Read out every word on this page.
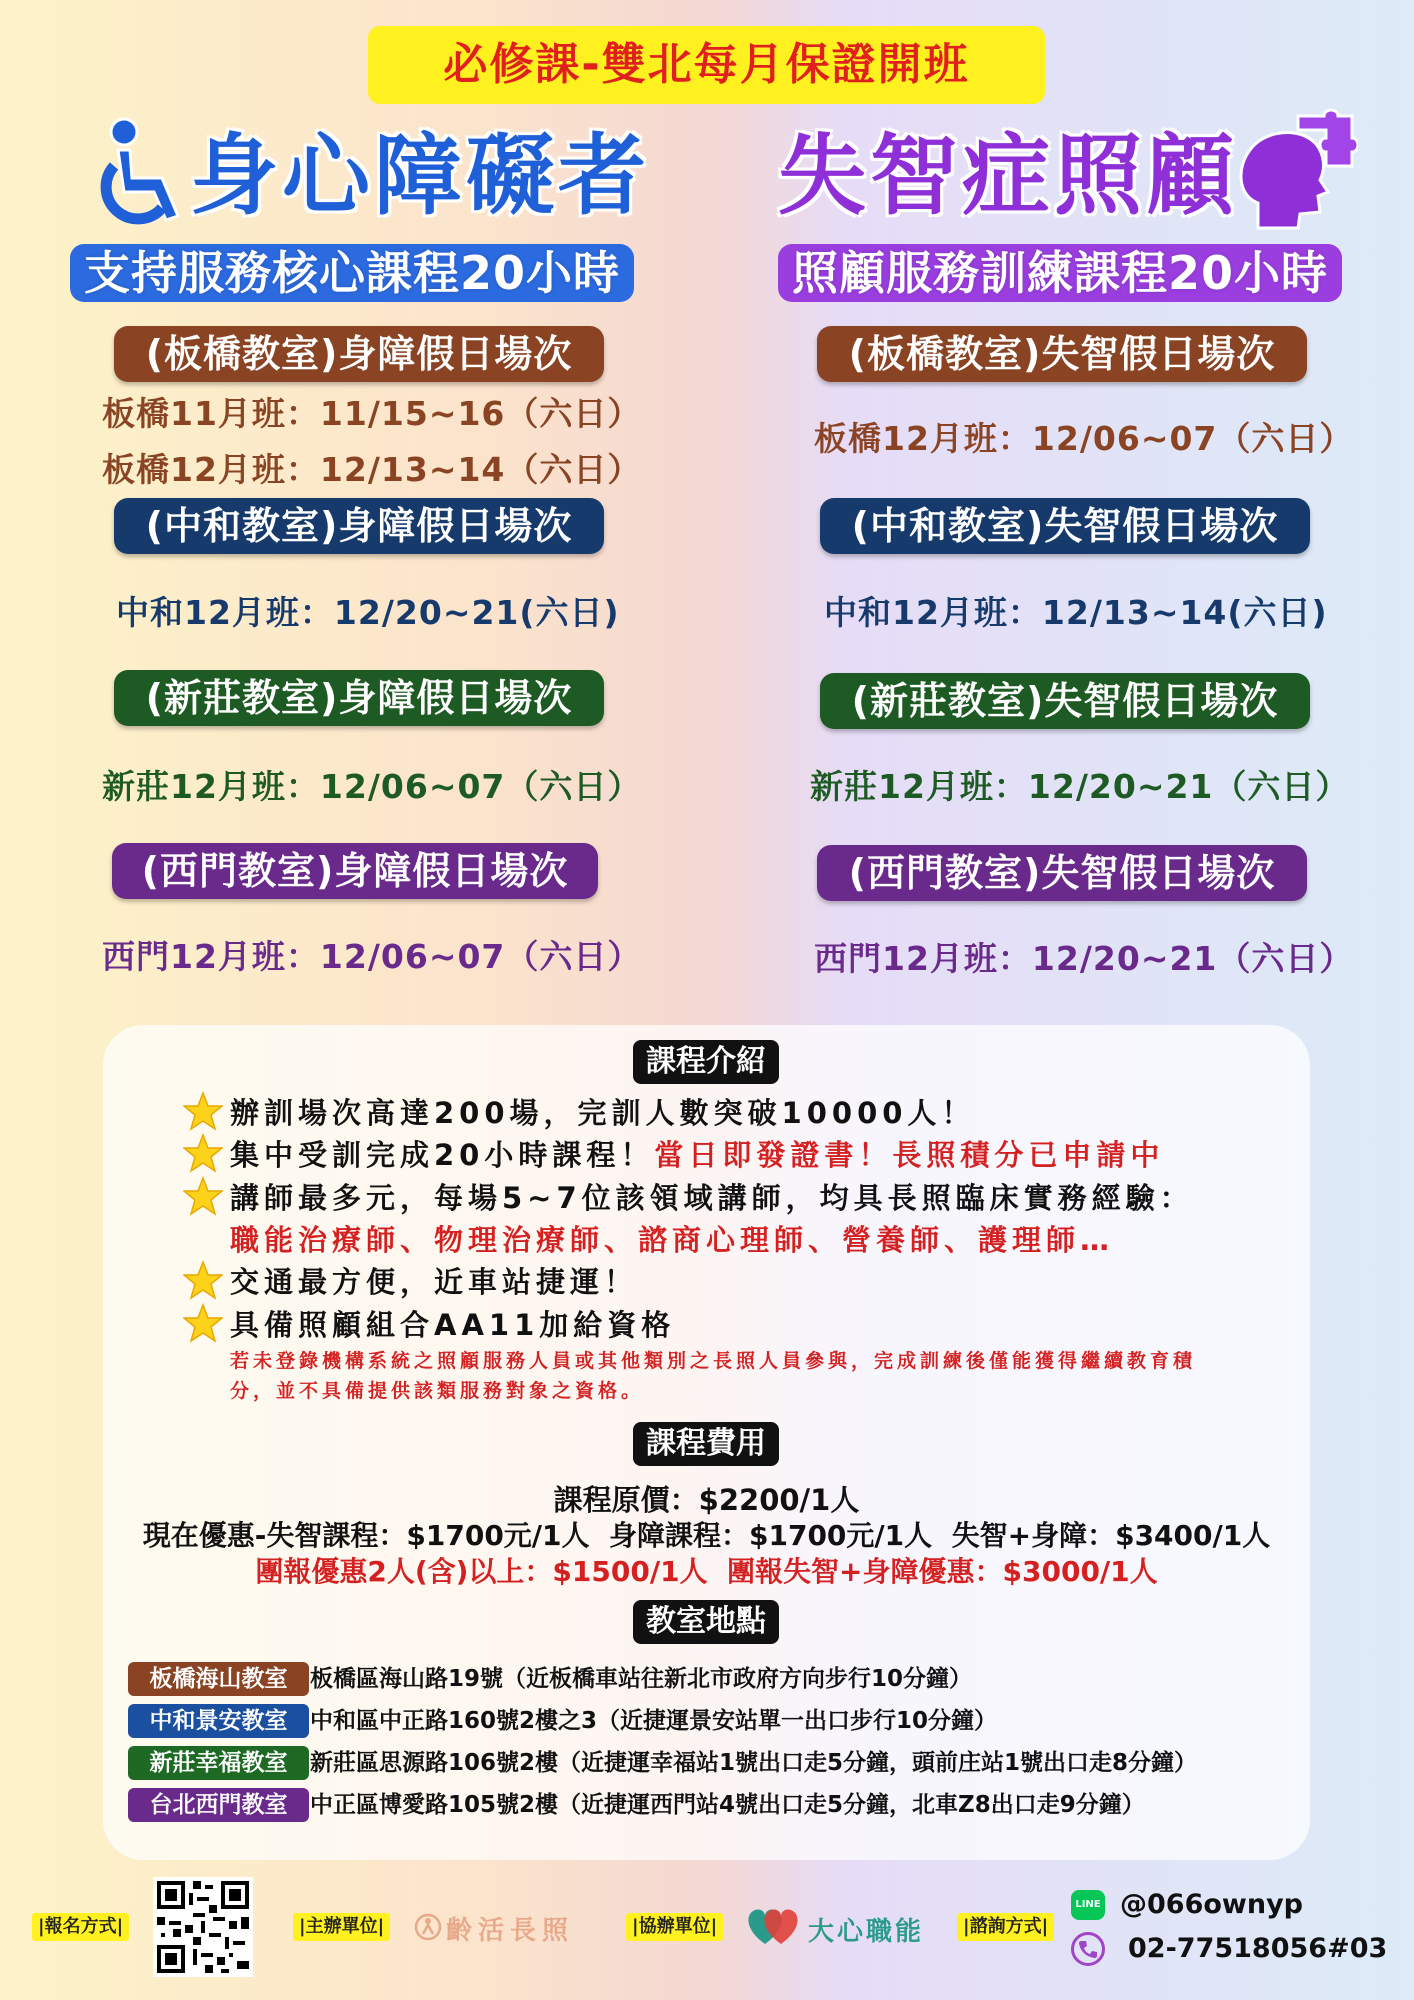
必修課-雙北每月保證開班
身心障礙者
支持服務核心課程20小時
失智症照顧
照顧服務訓練課程20小時
(板橋教室)身障假日場次
板橋11月班：11/15~16（六日）
板橋12月班：12/13~14（六日）
(中和教室)身障假日場次
中和12月班：12/20~21(六日)
(新莊教室)身障假日場次
新莊12月班：12/06~07（六日）
(西門教室)身障假日場次
西門12月班：12/06~07（六日）
(板橋教室)失智假日場次
板橋12月班：12/06~07（六日）
(中和教室)失智假日場次
中和12月班：12/13~14(六日)
(新莊教室)失智假日場次
新莊12月班：12/20~21（六日）
(西門教室)失智假日場次
西門12月班：12/20~21（六日）
課程介紹
辦訓場次高達200場，完訓人數突破10000人！
集中受訓完成20小時課程！當日即發證書！長照積分已申請中
講師最多元，每場5~7位該領域講師，均具長照臨床實務經驗：
職能治療師、物理治療師、諮商心理師、營養師、護理師…
交通最方便，近車站捷運！
具備照顧組合AA11加給資格
若未登錄機構系統之照顧服務人員或其他類別之長照人員參與，完成訓練後僅能獲得繼續教育積分，並不具備提供該類服務對象之資格。
課程費用
課程原價：$2200/1人
現在優惠-失智課程：$1700元/1人  身障課程：$1700元/1人  失智+身障：$3400/1人
團報優惠2人(含)以上：$1500/1人  團報失智+身障優惠：$3000/1人
教室地點
板橋海山教室 板橋區海山路19號（近板橋車站往新北市政府方向步行10分鐘）
中和景安教室 中和區中正路160號2樓之3（近捷運景安站單一出口步行10分鐘）
新莊幸福教室 新莊區思源路106號2樓（近捷運幸福站1號出口走5分鐘，頭前庄站1號出口走8分鐘）
台北西門教室 中正區博愛路105號2樓（近捷運西門站4號出口走5分鐘，北車Z8出口走9分鐘）
|報名方式|	|主辦單位| 齡活長照	|協辦單位|	大心職能	|諮詢方式|
LINE @066ownyp
02-77518056#03
